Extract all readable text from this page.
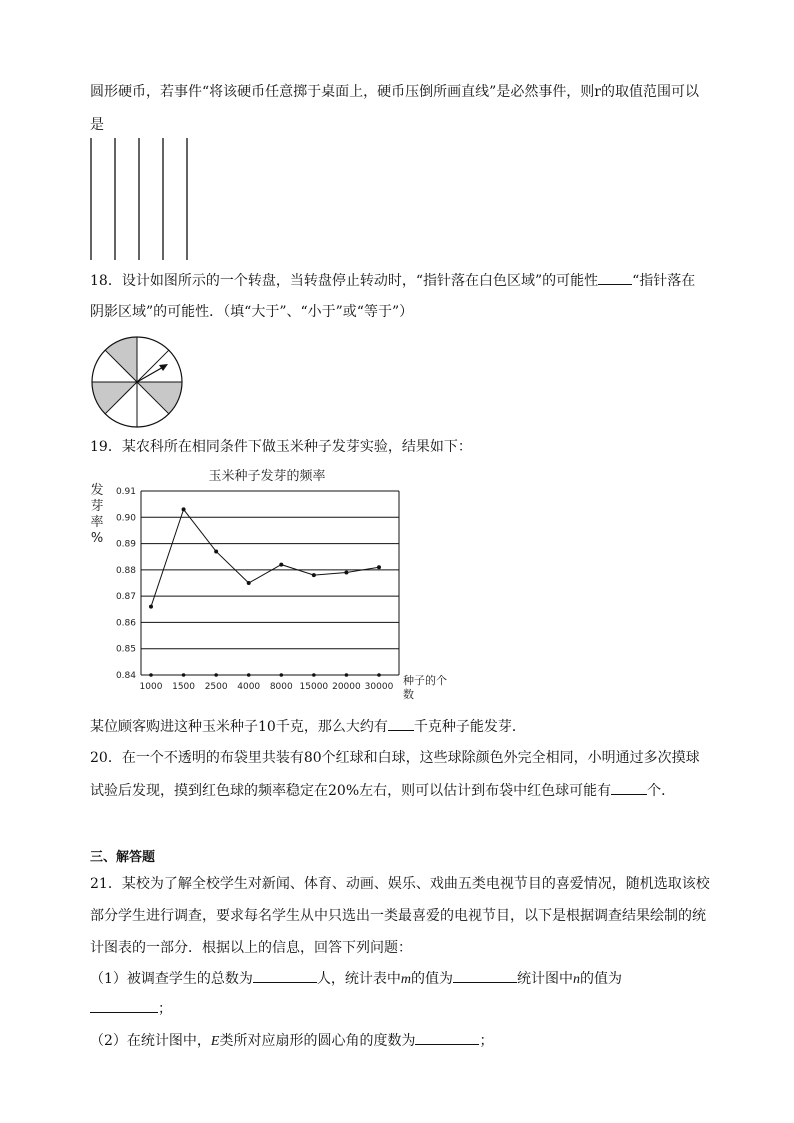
圆形硬币，若事件“将该硬币任意掷于桌面上，硬币压倒所画直线”是必然事件，则r的取值范围可以
是
18．设计如图所示的一个转盘，当转盘停止转动时，“指针落在白色区域”的可能性 “指针落在
阴影区域”的可能性．（填“大于”、“小于”或“等于”）
19．某农科所在相同条件下做玉米种子发芽实验，结果如下：
玉米种子发芽的频率
发
芽
率
%
0.84
0.85
0.86
0.87
0.88
0.89
0.90
0.91
1000 1500 2500 4000 8000 15000 20000 30000 种子的个
数
某位顾客购进这种玉米种子10千克，那么大约有 千克种子能发芽．
20．在一个不透明的布袋里共装有80个红球和白球，这些球除颜色外完全相同，小明通过多次摸球
试验后发现，摸到红色球的频率稳定在20%左右，则可以估计到布袋中红色球可能有	个．
三、解答题
21．某校为了解全校学生对新闻、体育、动画、娱乐、戏曲五类电视节目的喜爱情况，随机选取该校
部分学生进行调查，要求每名学生从中只选出一类最喜爱的电视节目，以下是根据调查结果绘制的统
计图表的一部分．根据以上的信息，回答下列问题：
（1）被调查学生的总数为	人，统计表中m的值为	统计图中n的值为
；
（2）在统计图中，E类所对应扇形的圆心角的度数为	；
